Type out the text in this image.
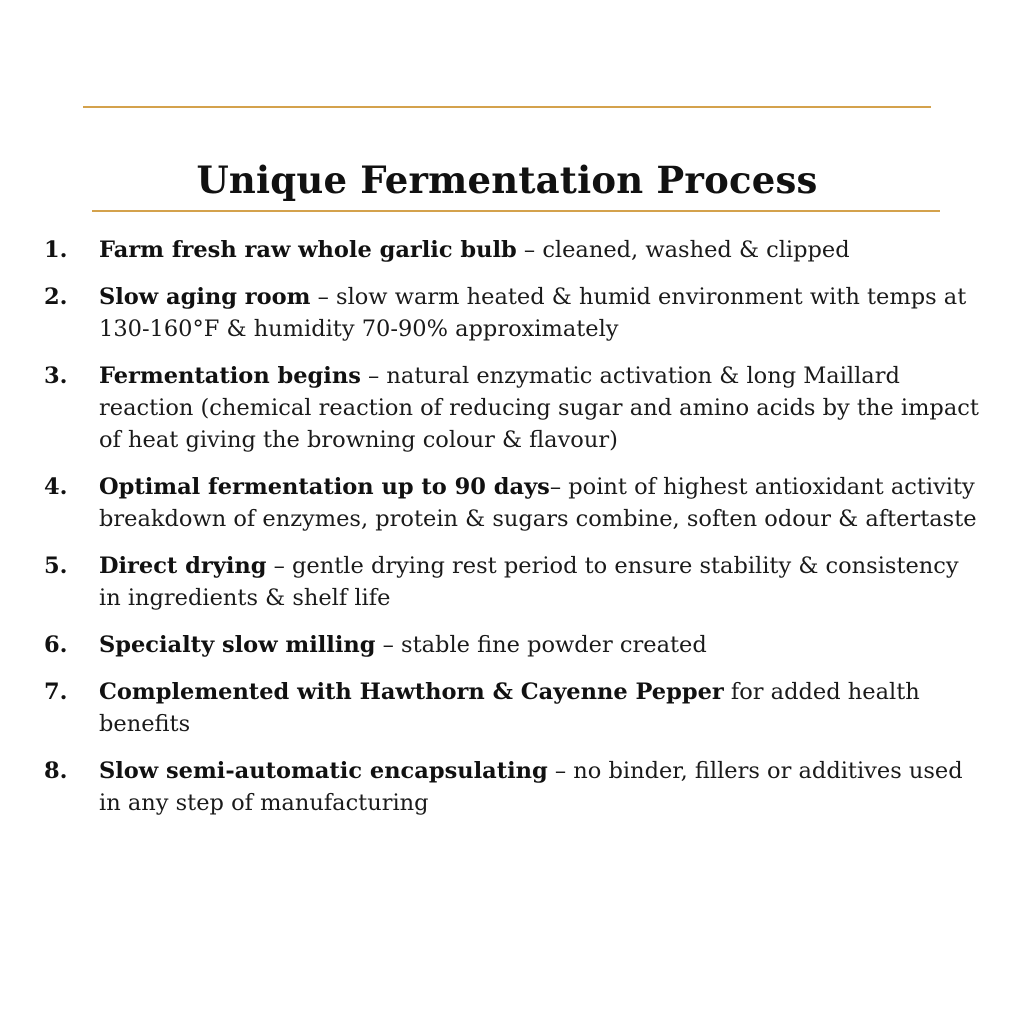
Unique Fermentation Process
1. Farm fresh raw whole garlic bulb – cleaned, washed & clipped
2. Slow aging room – slow warm heated & humid environment with temps at 130-160°F & humidity 70-90% approximately
3. Fermentation begins – natural enzymatic activation & long Maillard reaction (chemical reaction of reducing sugar and amino acids by the impact of heat giving the browning colour & flavour)
4. Optimal fermentation up to 90 days– point of highest antioxidant activity breakdown of enzymes, protein & sugars combine, soften odour & aftertaste
5. Direct drying – gentle drying rest period to ensure stability & consistency in ingredients & shelf life
6. Specialty slow milling – stable fine powder created
7. Complemented with Hawthorn & Cayenne Pepper for added health benefits
8. Slow semi-automatic encapsulating – no binder, fillers or additives used in any step of manufacturing
